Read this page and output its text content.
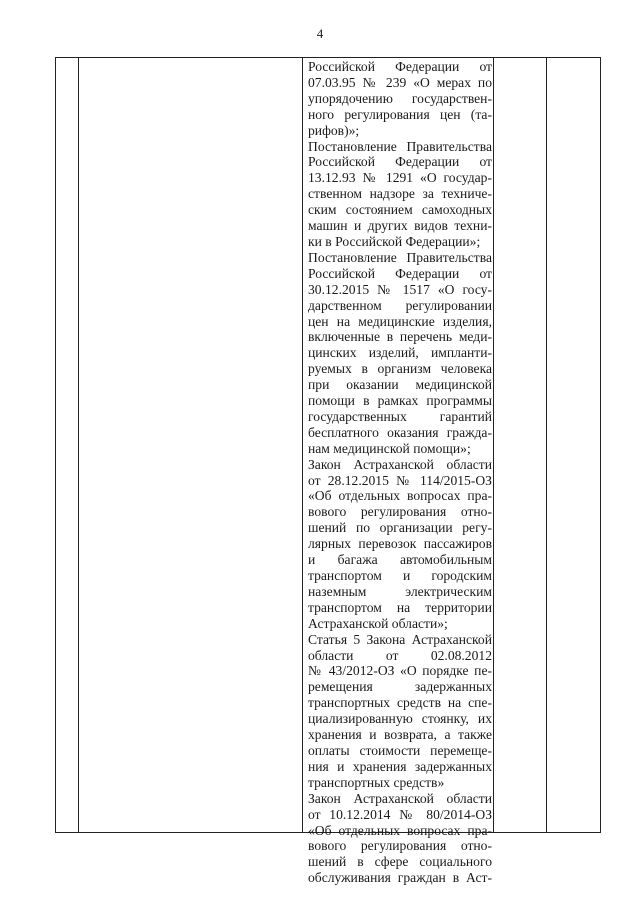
4
Российской Федерации от
07.03.95 № 239 «О мерах по
упорядочению государствен-
ного регулирования цен (та-
рифов)»;
Постановление Правительства
Российской Федерации от
13.12.93 № 1291 «О государ-
ственном надзоре за техниче-
ским состоянием самоходных
машин и других видов техни-
ки в Российской Федерации»;
Постановление Правительства
Российской Федерации от
30.12.2015 № 1517 «О госу-
дарственном регулировании
цен на медицинские изделия,
включенные в перечень меди-
цинских изделий, импланти-
руемых в организм человека
при оказании медицинской
помощи в рамках программы
государственных гарантий
бесплатного оказания гражда-
нам медицинской помощи»;
Закон Астраханской области
от 28.12.2015 № 114/2015-ОЗ
«Об отдельных вопросах пра-
вового регулирования отно-
шений по организации регу-
лярных перевозок пассажиров
и багажа автомобильным
транспортом и городским
наземным электрическим
транспортом на территории
Астраханской области»;
Статья 5 Закона Астраханской
области от 02.08.2012
№ 43/2012-ОЗ «О порядке пе-
ремещения задержанных
транспортных средств на спе-
циализированную стоянку, их
хранения и возврата, а также
оплаты стоимости перемеще-
ния и хранения задержанных
транспортных средств»
Закон Астраханской области
от 10.12.2014 № 80/2014-ОЗ
«Об отдельных вопросах пра-
вового регулирования отно-
шений в сфере социального
обслуживания граждан в Аст-
